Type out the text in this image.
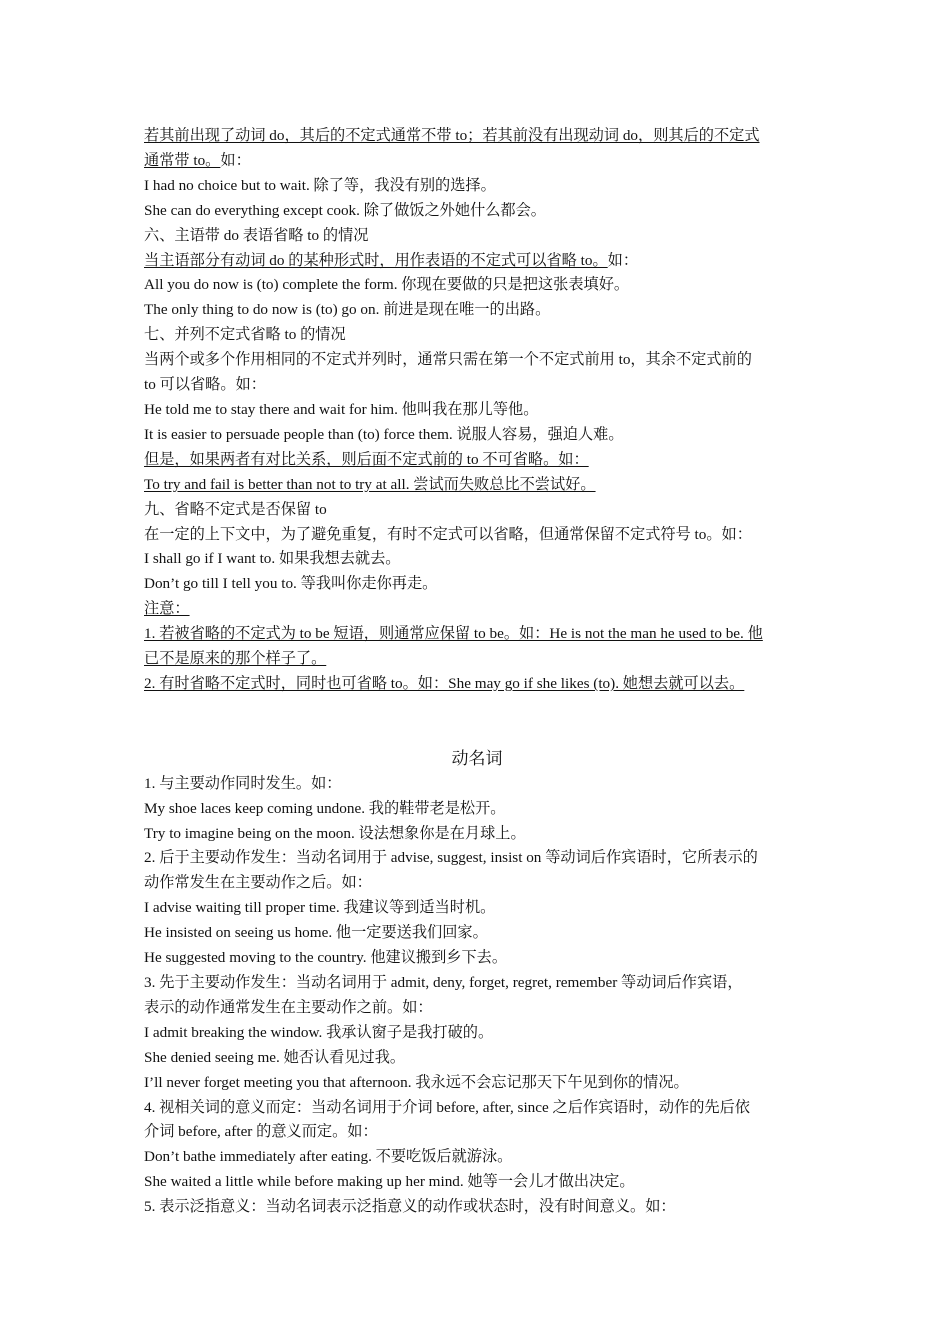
若其前出现了动词 do，其后的不定式通常不带 to；若其前没有出现动词 do，则其后的不定式

通常带 to。如：

I had no choice but to wait. 除了等，我没有别的选择。

She can do everything except cook. 除了做饭之外她什么都会。

六、主语带 do 表语省略 to 的情况

当主语部分有动词 do 的某种形式时，用作表语的不定式可以省略 to。如：

All you do now is (to) complete the form. 你现在要做的只是把这张表填好。

The only thing to do now is (to) go on. 前进是现在唯一的出路。

七、并列不定式省略 to 的情况

当两个或多个作用相同的不定式并列时，通常只需在第一个不定式前用 to，其余不定式前的

to 可以省略。如：

He told me to stay there and wait for him. 他叫我在那儿等他。

It is easier to persuade people than (to) force them. 说服人容易，强迫人难。

但是，如果两者有对比关系，则后面不定式前的 to 不可省略。如：

To try and fail is better than not to try at all. 尝试而失败总比不尝试好。

九、省略不定式是否保留 to

在一定的上下文中，为了避免重复，有时不定式可以省略，但通常保留不定式符号 to。如：

I shall go if I want to. 如果我想去就去。

Don’t go till I tell you to. 等我叫你走你再走。

注意：

1. 若被省略的不定式为 to be 短语，则通常应保留 to be。如：He is not the man he used to be. 他

已不是原来的那个样子了。

2. 有时省略不定式时，同时也可省略 to。如：She may go if she likes (to). 她想去就可以去。

动名词

1. 与主要动作同时发生。如：

My shoe laces keep coming undone. 我的鞋带老是松开。

Try to imagine being on the moon. 设法想象你是在月球上。

2. 后于主要动作发生：当动名词用于 advise, suggest, insist on 等动词后作宾语时，它所表示的

动作常发生在主要动作之后。如：

I advise waiting till proper time. 我建议等到适当时机。

He insisted on seeing us home. 他一定要送我们回家。

He suggested moving to the country. 他建议搬到乡下去。

3. 先于主要动作发生：当动名词用于 admit, deny, forget, regret, remember 等动词后作宾语，

表示的动作通常发生在主要动作之前。如：

I admit breaking the window. 我承认窗子是我打破的。

She denied seeing me. 她否认看见过我。

I’ll never forget meeting you that afternoon. 我永远不会忘记那天下午见到你的情况。

4. 视相关词的意义而定：当动名词用于介词 before, after, since 之后作宾语时，动作的先后依

介词 before, after 的意义而定。如：

Don’t bathe immediately after eating. 不要吃饭后就游泳。

She waited a little while before making up her mind. 她等一会儿才做出决定。

5. 表示泛指意义：当动名词表示泛指意义的动作或状态时，没有时间意义。如：
